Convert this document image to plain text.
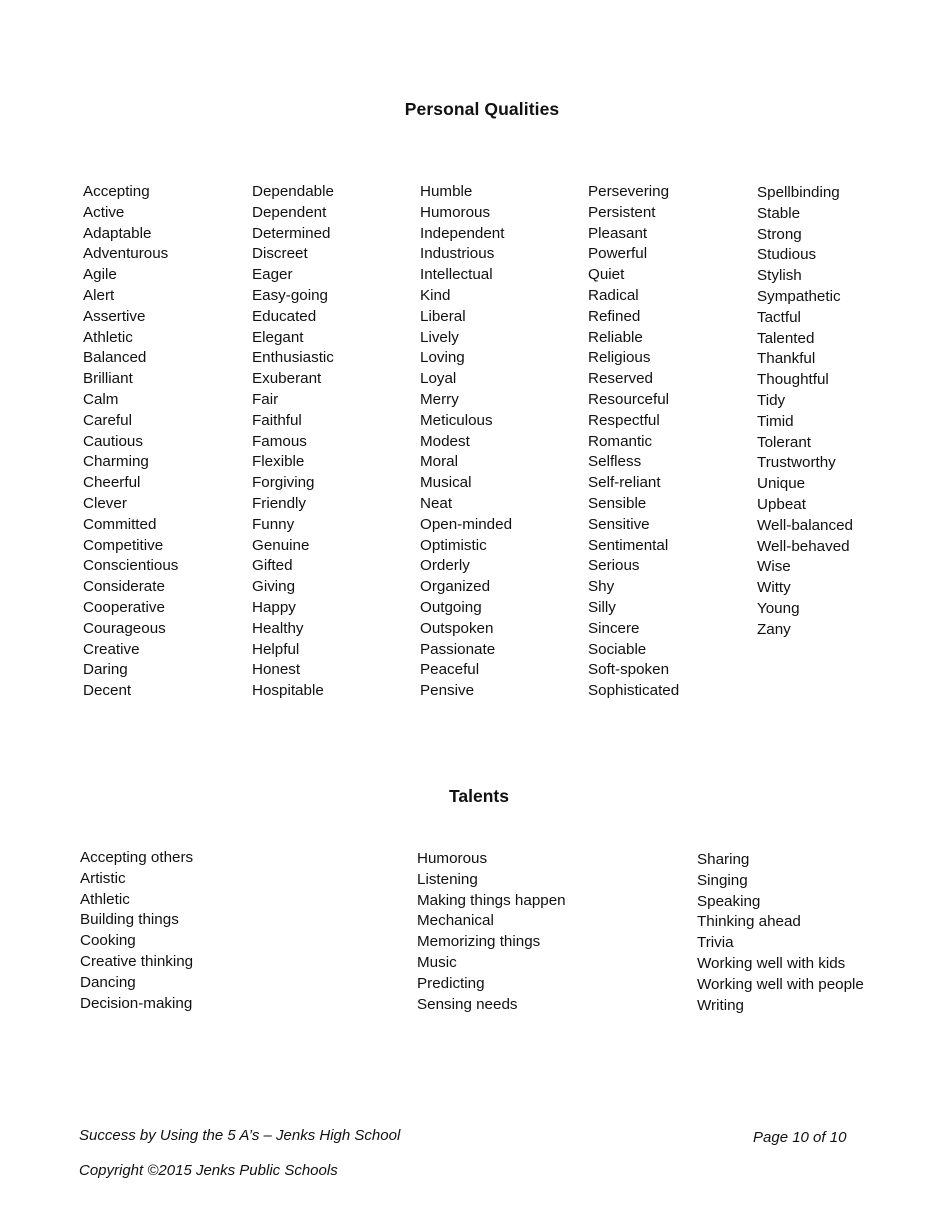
Personal Qualities
Accepting
Active
Adaptable
Adventurous
Agile
Alert
Assertive
Athletic
Balanced
Brilliant
Calm
Careful
Cautious
Charming
Cheerful
Clever
Committed
Competitive
Conscientious
Considerate
Cooperative
Courageous
Creative
Daring
Decent
Dependable
Dependent
Determined
Discreet
Eager
Easy-going
Educated
Elegant
Enthusiastic
Exuberant
Fair
Faithful
Famous
Flexible
Forgiving
Friendly
Funny
Genuine
Gifted
Giving
Happy
Healthy
Helpful
Honest
Hospitable
Humble
Humorous
Independent
Industrious
Intellectual
Kind
Liberal
Lively
Loving
Loyal
Merry
Meticulous
Modest
Moral
Musical
Neat
Open-minded
Optimistic
Orderly
Organized
Outgoing
Outspoken
Passionate
Peaceful
Pensive
Persevering
Persistent
Pleasant
Powerful
Quiet
Radical
Refined
Reliable
Religious
Reserved
Resourceful
Respectful
Romantic
Selfless
Self-reliant
Sensible
Sensitive
Sentimental
Serious
Shy
Silly
Sincere
Sociable
Soft-spoken
Sophisticated
Spellbinding
Stable
Strong
Studious
Stylish
Sympathetic
Tactful
Talented
Thankful
Thoughtful
Tidy
Timid
Tolerant
Trustworthy
Unique
Upbeat
Well-balanced
Well-behaved
Wise
Witty
Young
Zany
Talents
Accepting others
Artistic
Athletic
Building things
Cooking
Creative thinking
Dancing
Decision-making
Humorous
Listening
Making things happen
Mechanical
Memorizing things
Music
Predicting
Sensing needs
Sharing
Singing
Speaking
Thinking ahead
Trivia
Working well with kids
Working well with people
Writing
Success by Using the 5 A’s – Jenks High School	Page 10 of 10
Copyright ©2015 Jenks Public Schools
